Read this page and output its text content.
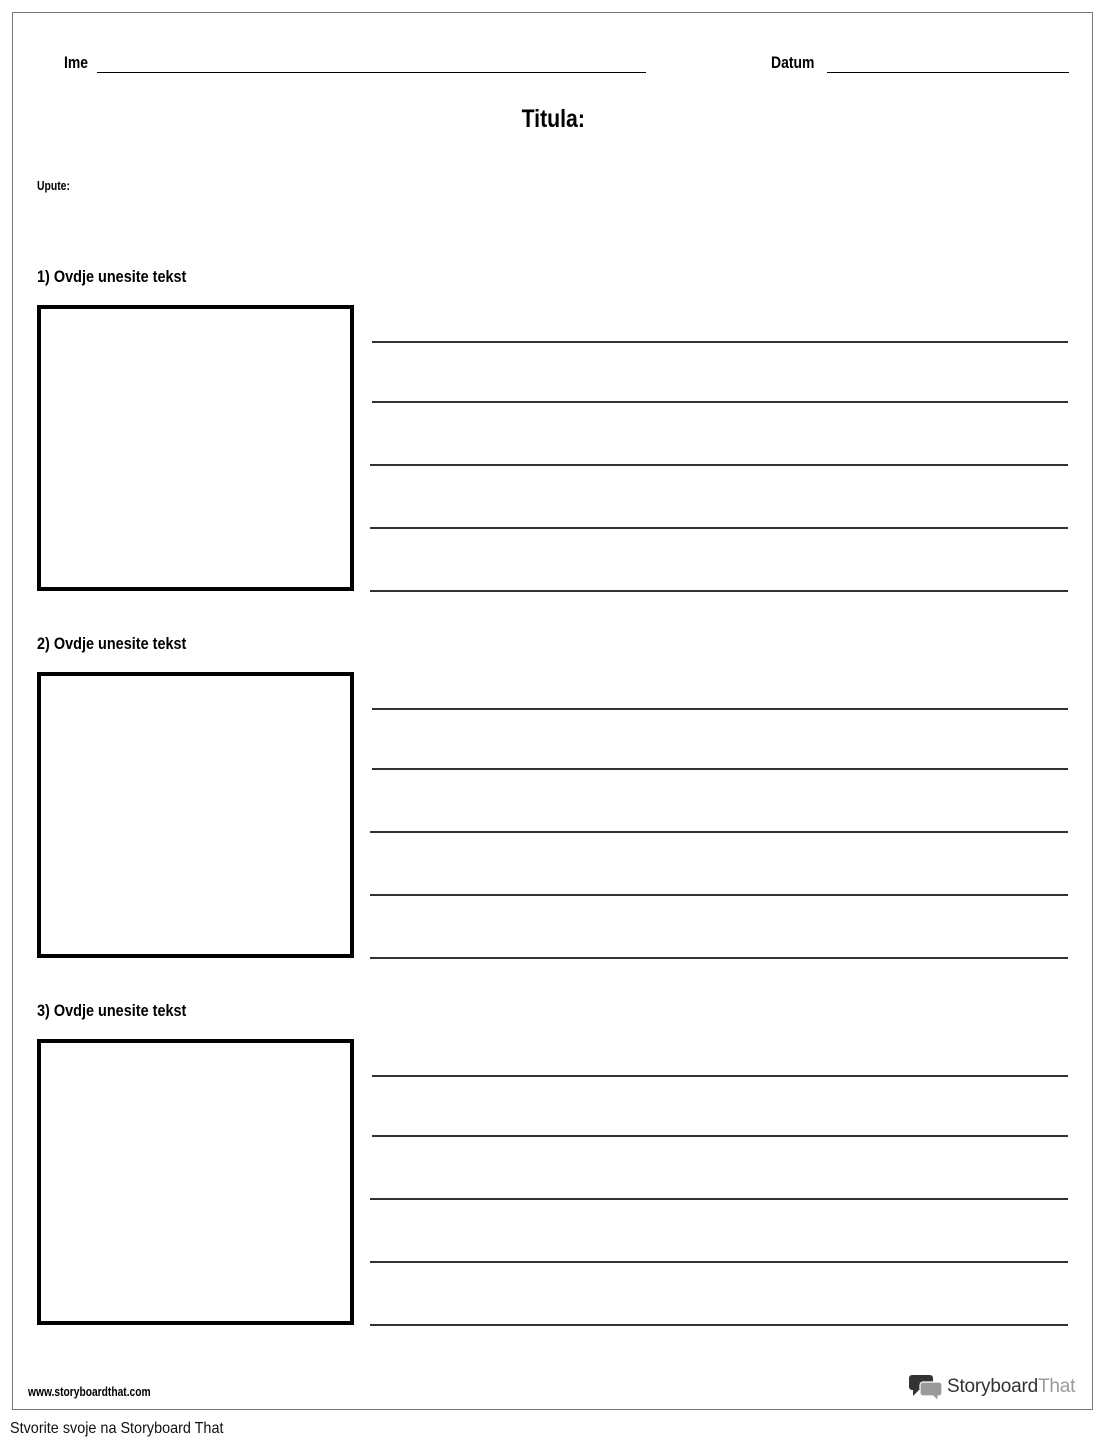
Ime	Datum
Titula:
Upute:
1) Ovdje unesite tekst
2) Ovdje unesite tekst
3) Ovdje unesite tekst
www.storyboardthat.com	StoryboardThat
Stvorite svoje na Storyboard That
